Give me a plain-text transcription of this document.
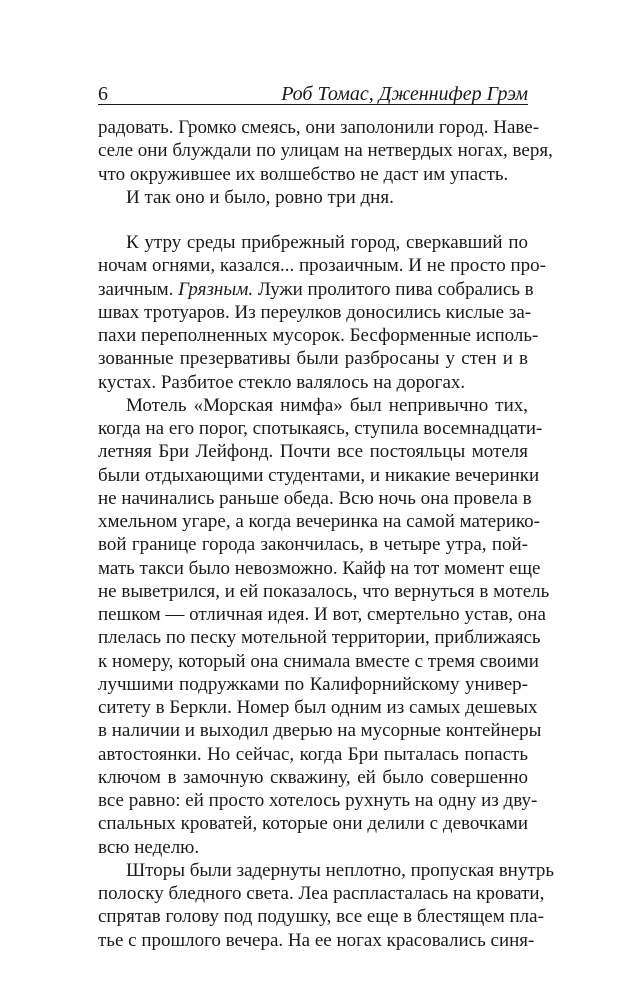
6	Роб Томас, Дженнифер Грэм
радовать. Громко смеясь, они заполонили город. Наве-
селе они блуждали по улицам на нетвердых ногах, веря,
что окружившее их волшебство не даст им упасть.
И так оно и было, ровно три дня.
К утру среды прибрежный город, сверкавший по
ночам огнями, казался... прозаичным. И не просто про-
заичным. Грязным. Лужи пролитого пива собрались в
швах тротуаров. Из переулков доносились кислые за-
пахи переполненных мусорок. Бесформенные исполь-
зованные презервативы были разбросаны у стен и в
кустах. Разбитое стекло валялось на дорогах.
Мотель «Морская нимфа» был непривычно тих,
когда на его порог, спотыкаясь, ступила восемнадцати-
летняя Бри Лейфонд. Почти все постояльцы мотеля
были отдыхающими студентами, и никакие вечеринки
не начинались раньше обеда. Всю ночь она провела в
хмельном угаре, а когда вечеринка на самой материко-
вой границе города закончилась, в четыре утра, пой-
мать такси было невозможно. Кайф на тот момент еще
не выветрился, и ей показалось, что вернуться в мотель
пешком — отличная идея. И вот, смертельно устав, она
плелась по песку мотельной территории, приближаясь
к номеру, который она снимала вместе с тремя своими
лучшими подружками по Калифорнийскому универ-
ситету в Беркли. Номер был одним из самых дешевых
в наличии и выходил дверью на мусорные контейнеры
автостоянки. Но сейчас, когда Бри пыталась попасть
ключом в замочную скважину, ей было совершенно
все равно: ей просто хотелось рухнуть на одну из дву-
спальных кроватей, которые они делили с девочками
всю неделю.
Шторы были задернуты неплотно, пропуская внутрь
полоску бледного света. Леа распласталась на кровати,
спрятав голову под подушку, все еще в блестящем пла-
тье с прошлого вечера. На ее ногах красовались синя-
